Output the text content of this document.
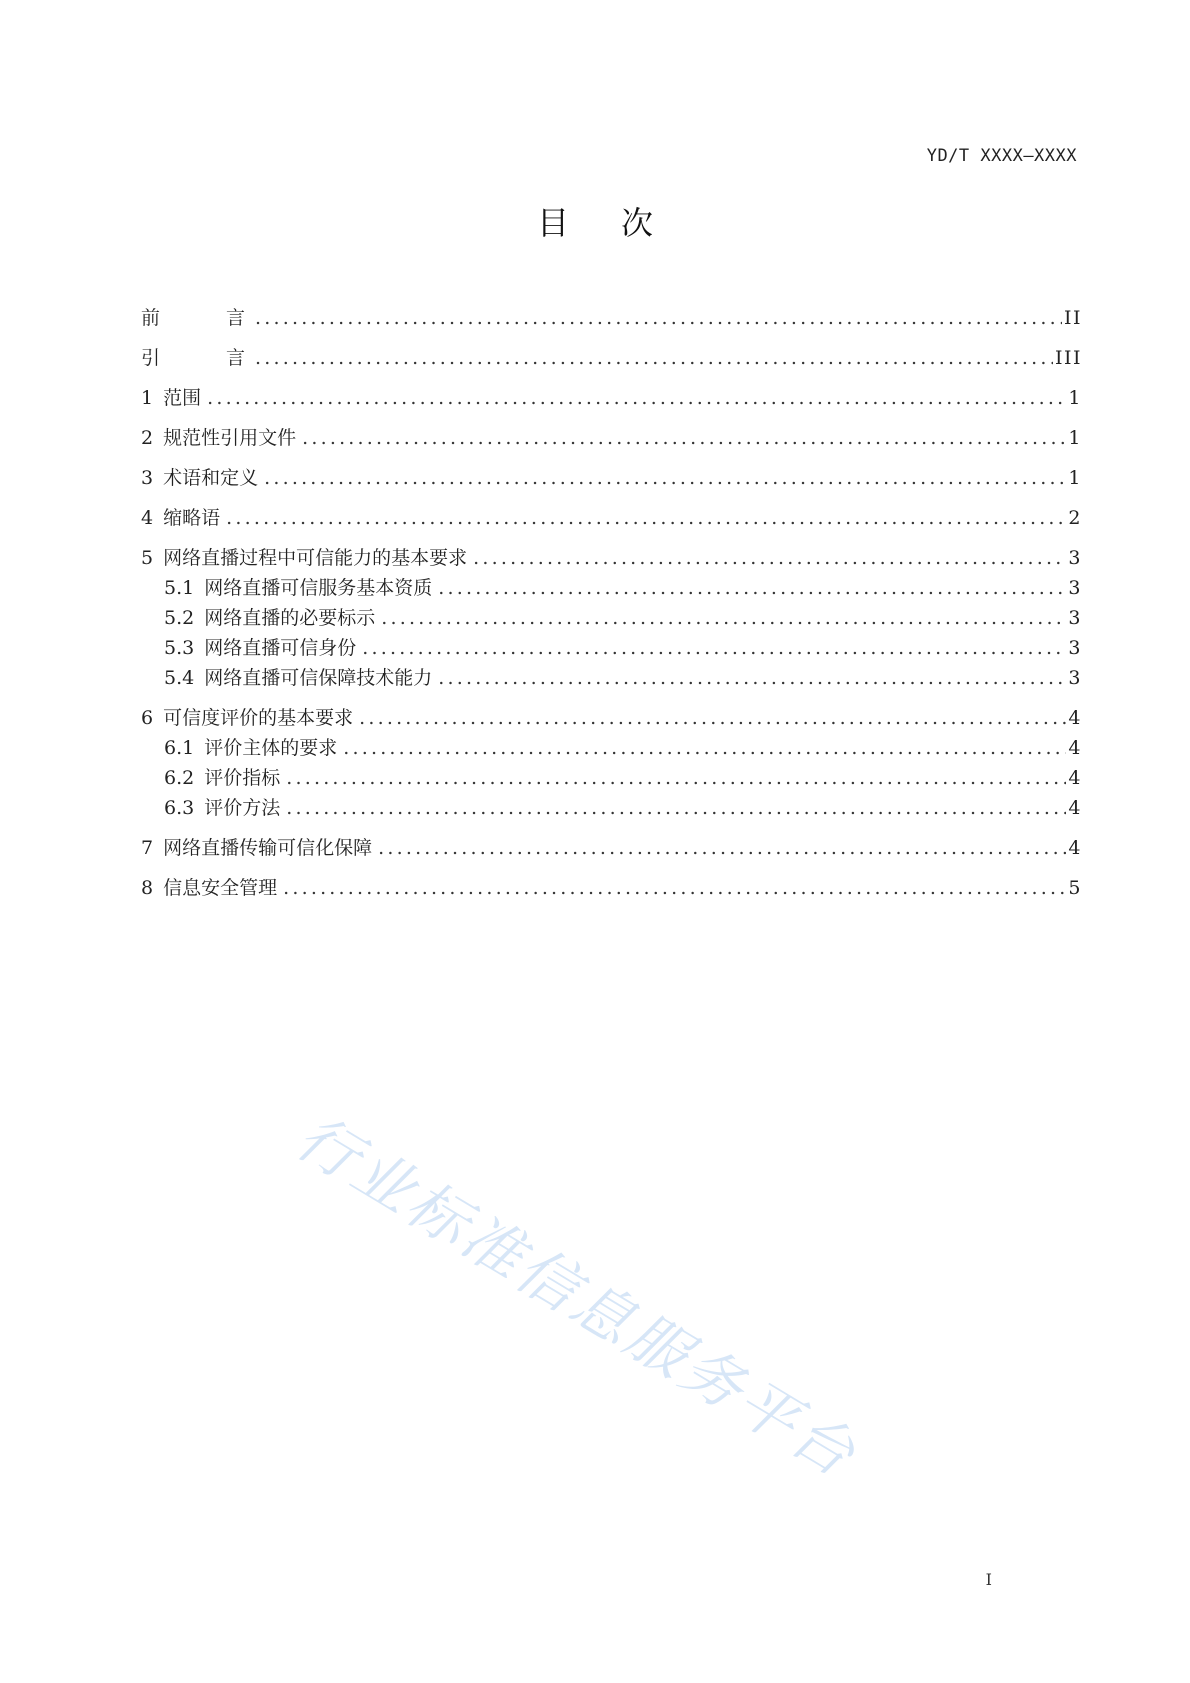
YD/T XXXX—XXXX
目次
前	言 .....	II
引	言 .....	III
1 范围 .....	1
2 规范性引用文件 .....	1
3 术语和定义 .....	1
4 缩略语 .....	2
5 网络直播过程中可信能力的基本要求 .....	3
5.1 网络直播可信服务基本资质 .....	3
5.2 网络直播的必要标示 .....	3
5.3 网络直播可信身份 .....	3
5.4 网络直播可信保障技术能力 .....	3
6 可信度评价的基本要求 .....	4
6.1 评价主体的要求 .....	4
6.2 评价指标 .....	4
6.3 评价方法 .....	4
7 网络直播传输可信化保障 .....	4
8 信息安全管理 .....	5
行业标准信息服务平台
I
